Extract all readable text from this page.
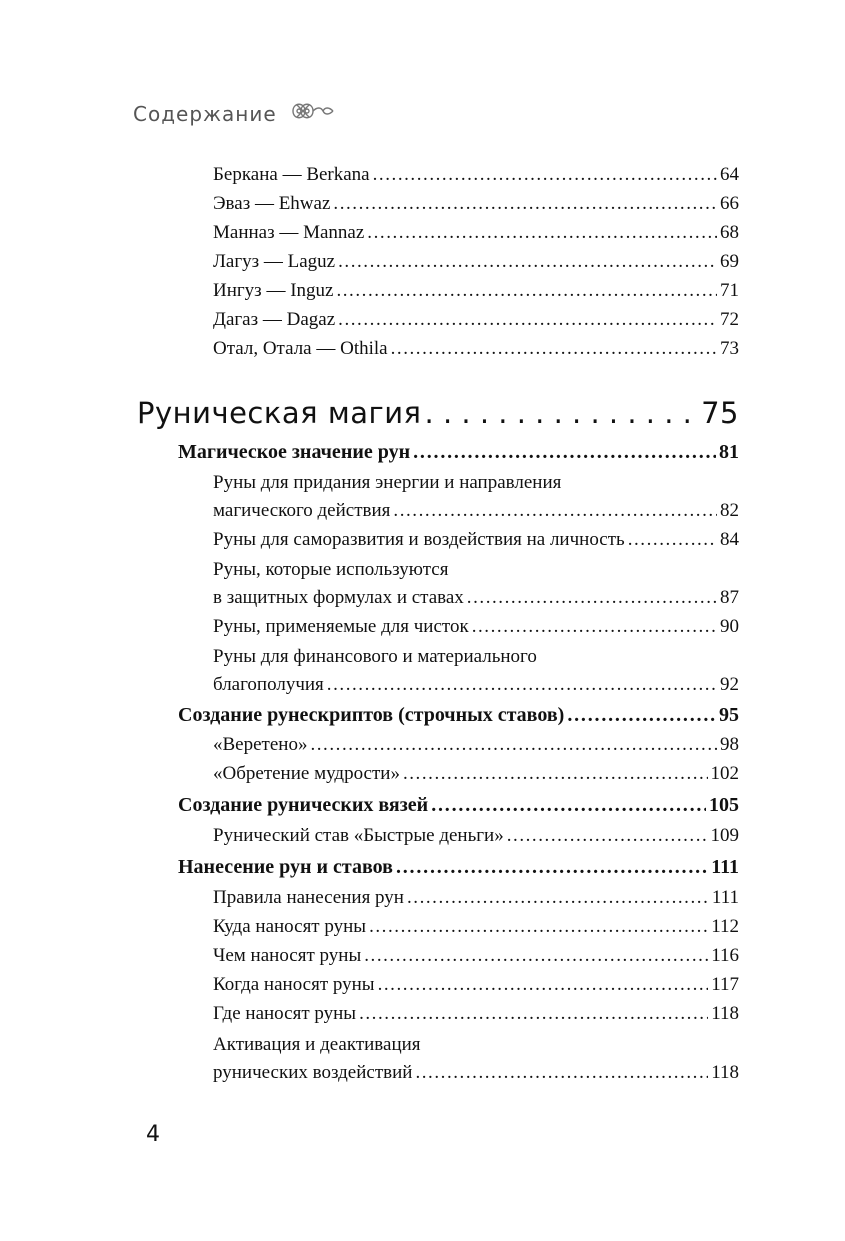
Содержание
Беркана — Berkana . . .	64
Эваз — Ehwaz . . .	66
Манназ — Mannaz . . .	68
Лагуз — Laguz . . .	69
Ингуз — Inguz . . .	71
Дагаз — Dagaz . . .	72
Отал, Отала — Othila . . .	73
Руническая магия . . .	75
Магическое значение рун . . .	81
Руны для придания энергии и направления
магического действия . . .	82
Руны для саморазвития и воздействия на личность . . .	84
Руны, которые используются
в защитных формулах и ставах . . .	87
Руны, применяемые для чисток . . .	90
Руны для финансового и материального
благополучия . . .	92
Создание рунескриптов (строчных ставов) . . .	95
«Веретено» . . .	98
«Обретение мудрости» . . .	102
Создание рунических вязей . . .	105
Рунический став «Быстрые деньги» . . .	109
Нанесение рун и ставов . . .	111
Правила нанесения рун . . .	111
Куда наносят руны . . .	112
Чем наносят руны . . .	116
Когда наносят руны . . .	117
Где наносят руны . . .	118
Активация и деактивация
рунических воздействий . . .	118
4
